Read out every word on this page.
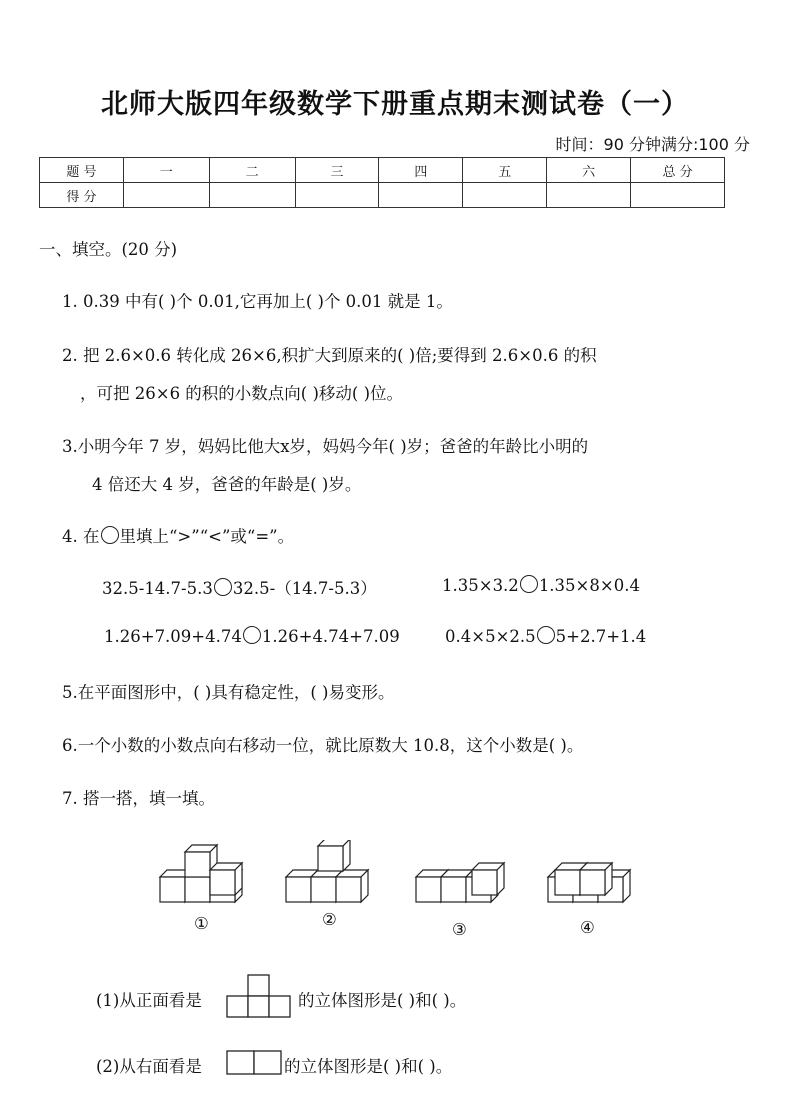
北师大版四年级数学下册重点期末测试卷（一）
时间：90 分钟满分:100 分
题 号	一	二	三	四	五	六	总 分
得 分							
一、填空。(20 分)
1. 0.39 中有( )个 0.01,它再加上( )个 0.01 就是 1。
2. 把 2.6×0.6 转化成 26×6,积扩大到原来的( )倍;要得到 2.6×0.6 的积
，可把 26×6 的积的小数点向( )移动( )位。
3.小明今年 7 岁，妈妈比他大x岁，妈妈今年( )岁；爸爸的年龄比小明的
4 倍还大 4 岁，爸爸的年龄是( )岁。
4. 在 里填上“>”“<”或“=”。
32.5-14.7-5.3 32.5-（14.7-5.3）	1.35×3.2 1.35×8×0.4
1.26+7.09+4.74 1.26+4.74+7.09	0.4×5×2.5 5+2.7+1.4
5.在平面图形中，( )具有稳定性，( )易变形。
6.一个小数的小数点向右移动一位，就比原数大 10.8，这个小数是( )。
7. 搭一搭，填一填。
①	②
③	④
(1)从正面看是	的立体图形是( )和( )。
(2)从右面看是	的立体图形是( )和( )。
